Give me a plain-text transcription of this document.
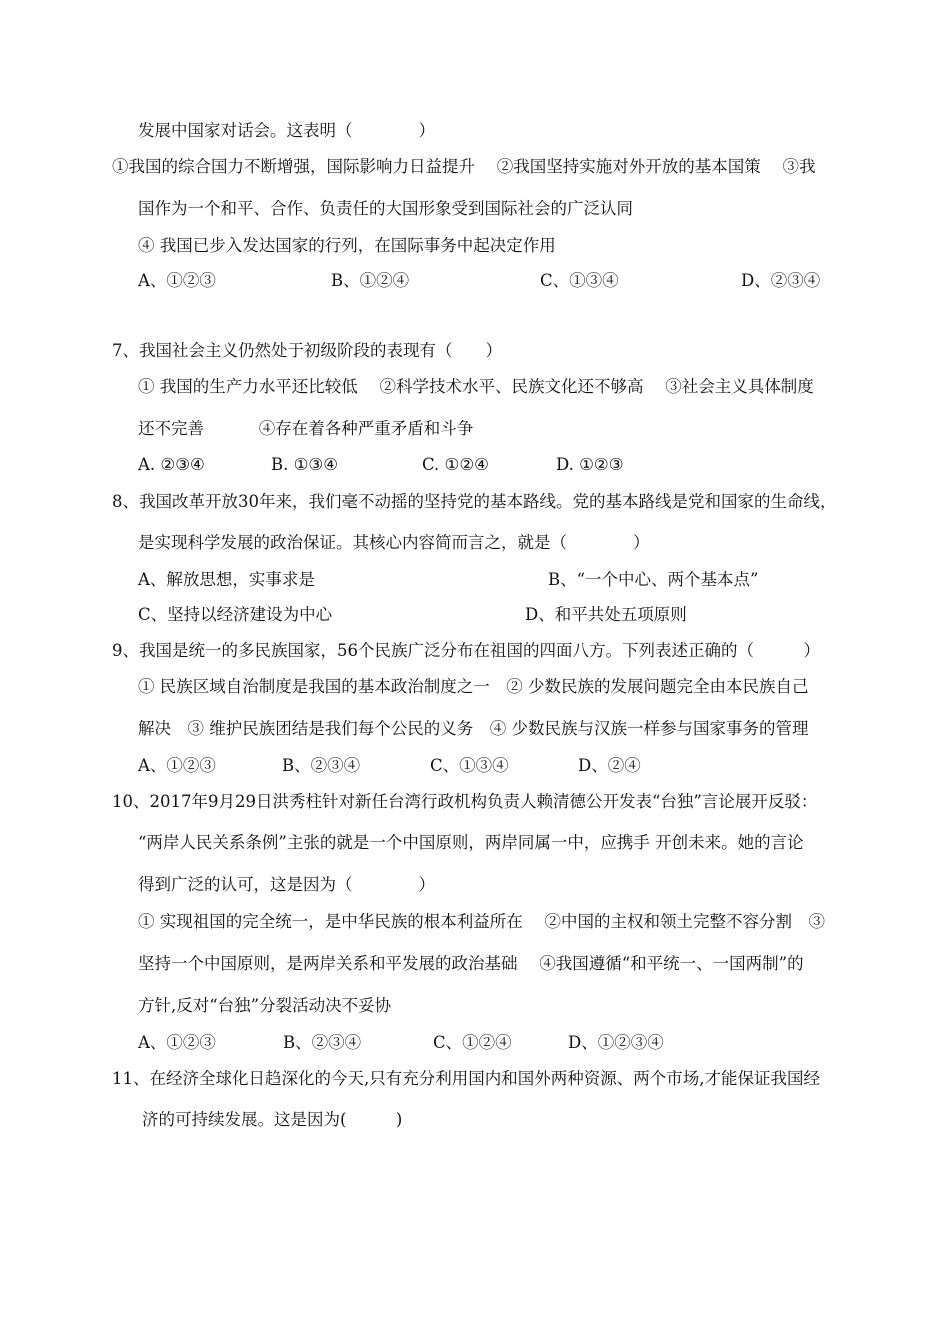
发展中国家对话会。这表明（　　　　）
①我国的综合国力不断增强，国际影响力日益提升　 ②我国坚持实施对外开放的基本国策　 ③我
国作为一个和平、合作、负责任的大国形象受到国际社会的广泛认同
④ 我国已步入发达国家的行列，在国际事务中起决定作用
A、①②③	B、①②④	C、①③④	D、②③④
7、我国社会主义仍然处于初级阶段的表现有（　　）
① 我国的生产力水平还比较低　 ②科学技术水平、民族文化还不够高　 ③社会主义具体制度
还不完善　　　 ④存在着各种严重矛盾和斗争
A. ②③④	B. ①③④	C. ①②④	D. ①②③
8、我国改革开放30年来，我们毫不动摇的坚持党的基本路线。党的基本路线是党和国家的生命线，
是实现科学发展的政治保证。其核心内容简而言之，就是（　　　　）
A、解放思想，实事求是	B、“一个中心、两个基本点”
C、坚持以经济建设为中心	D、和平共处五项原则
9、我国是统一的多民族国家，56个民族广泛分布在祖国的四面八方。下列表述正确的（　　　）
① 民族区域自治制度是我国的基本政治制度之一　② 少数民族的发展问题完全由本民族自己
解决　③ 维护民族团结是我们每个公民的义务　④ 少数民族与汉族一样参与国家事务的管理
A、①②③	B、②③④	C、①③④	D、②④
10、2017年9月29日洪秀柱针对新任台湾行政机构负责人赖清德公开发表“台独”言论展开反驳：
“两岸人民关系条例”主张的就是一个中国原则，两岸同属一中，应携手 开创未来。她的言论
得到广泛的认可，这是因为（　　　　）
① 实现祖国的完全统一，是中华民族的根本利益所在　 ②中国的主权和领土完整不容分割　③
坚持一个中国原则，是两岸关系和平发展的政治基础　 ④我国遵循“和平统一、一国两制”的
方针,反对“台独”分裂活动决不妥协
A、①②③	B、②③④	C、①②④	D、①②③④
11、在经济全球化日趋深化的今天,只有充分利用国内和国外两种资源、两个市场,才能保证我国经
济的可持续发展。这是因为(　　　)
